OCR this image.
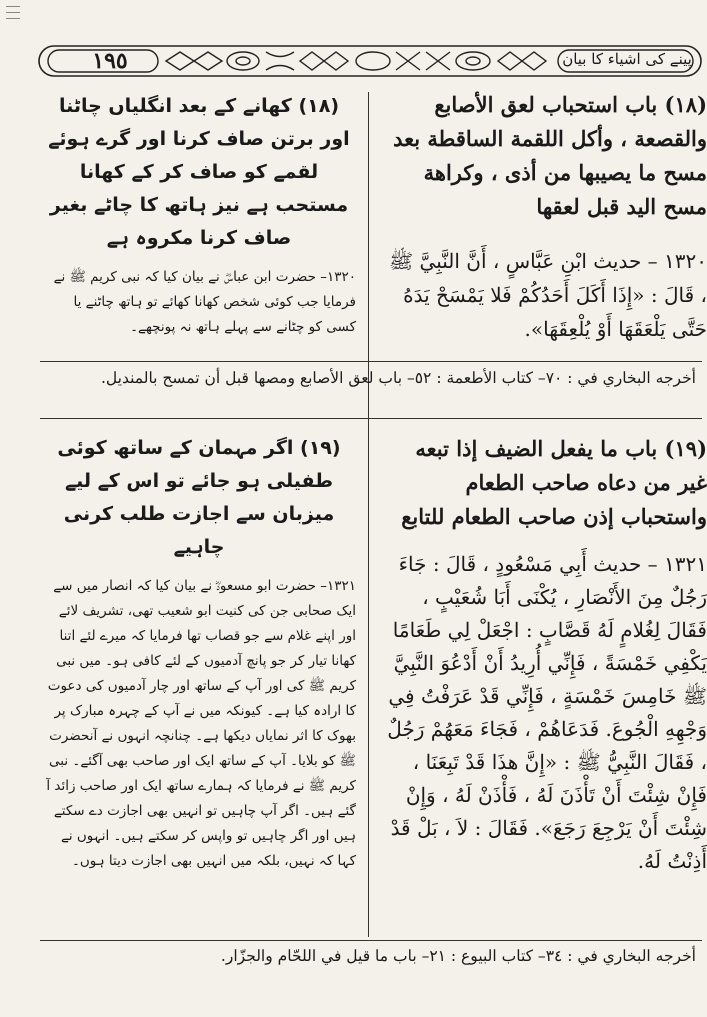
١٩٥	پینے کی اشیاء کا بیان

(١٨) باب استحباب لعق الأصابع والقصعة ، وأكل اللقمة الساقطة بعد مسح ما يصيبها من أذى ، وكراهة مسح اليد قبل لعقها

١٣٢٠ – حديث ابْنِ عَبَّاسٍ ، أَنَّ النَّبِيَّ ﷺ ، قَالَ : «إِذَا أَكَلَ أَحَدُكُمْ فَلا يَمْسَحْ يَدَهُ حَتَّى يَلْعَقَهَا أَوْ يُلْعِقَهَا».

(١٨) کھانے کے بعد انگلیاں چاٹنا اور برتن صاف کرنا اور گرے ہوئے لقمے کو صاف کر کے کھانا مستحب ہے نیز ہاتھ کا چاٹے بغیر صاف کرنا مکروہ ہے

١٣٢٠– حضرت ابن عباسؓ نے بیان کیا کہ نبی کریم ﷺ نے فرمایا جب کوئی شخص کھانا کھائے تو ہاتھ چاٹنے یا کسی کو چٹانے سے پہلے ہاتھ نہ پونچھے۔

أخرجه البخاري في : ٧٠– كتاب الأطعمة : ٥٢– باب لعق الأصابع ومصها قبل أن تمسح بالمنديل.

(١٩) باب ما يفعل الضيف إذا تبعه غير من دعاه صاحب الطعام واستحباب إذن صاحب الطعام للتابع

١٣٢١ – حديث أَبِي مَسْعُودٍ ، قَالَ : جَاءَ رَجُلٌ مِنَ الأَنْصَارِ ، يُكْنَى أَبَا شُعَيْبٍ ، فَقَالَ لِغُلامٍ لَهُ قَصَّابٍ : اجْعَلْ لِي طَعَامًا يَكْفِي خَمْسَةً ، فَإِنِّي أُرِيدُ أَنْ أَدْعُوَ النَّبِيَّ ﷺ خَامِسَ خَمْسَةٍ ، فَإِنِّي قَدْ عَرَفْتُ فِي وَجْهِهِ الْجُوعَ. فَدَعَاهُمْ ، فَجَاءَ مَعَهُمْ رَجُلٌ ، فَقَالَ النَّبِيُّ ﷺ : «إِنَّ هذَا قَدْ تَبِعَنَا ، فَإِنْ شِئْتَ أَنْ تَأْذَنَ لَهُ ، فَأْذَنْ لَهُ ، وَإِنْ شِئْتَ أَنْ يَرْجِعَ رَجَعَ». فَقَالَ : لاَ ، بَلْ قَدْ أَذِنْتُ لَهُ.

(١٩) اگر مہمان کے ساتھ کوئی طفیلی ہو جائے تو اس کے لیے میزبان سے اجازت طلب کرنی چاہیے

١٣٢١– حضرت ابو مسعودؓ نے بیان کیا کہ انصار میں سے ایک صحابی جن کی کنیت ابو شعیب تھی، تشریف لائے اور اپنے غلام سے جو قصاب تھا فرمایا کہ میرے لئے اتنا کھانا تیار کر جو پانچ آدمیوں کے لئے کافی ہو۔ میں نبی کریم ﷺ کی اور آپ کے ساتھ اور چار آدمیوں کی دعوت کا ارادہ کیا ہے۔ کیونکہ میں نے آپ کے چہرہ مبارک پر بھوک کا اثر نمایاں دیکھا ہے۔ چنانچہ انہوں نے آنحضرت ﷺ کو بلایا۔ آپ کے ساتھ ایک اور صاحب بھی آگئے۔ نبی کریم ﷺ نے فرمایا کہ ہمارے ساتھ ایک اور صاحب زائد آ گئے ہیں۔ اگر آپ چاہیں تو انہیں بھی اجازت دے سکتے ہیں اور اگر چاہیں تو واپس کر سکتے ہیں۔ انہوں نے کہا کہ نہیں، بلکہ میں انہیں بھی اجازت دیتا ہوں۔

أخرجه البخاري في : ٣٤– كتاب البيوع : ٢١– باب ما قيل في اللحّام والجزّار.
